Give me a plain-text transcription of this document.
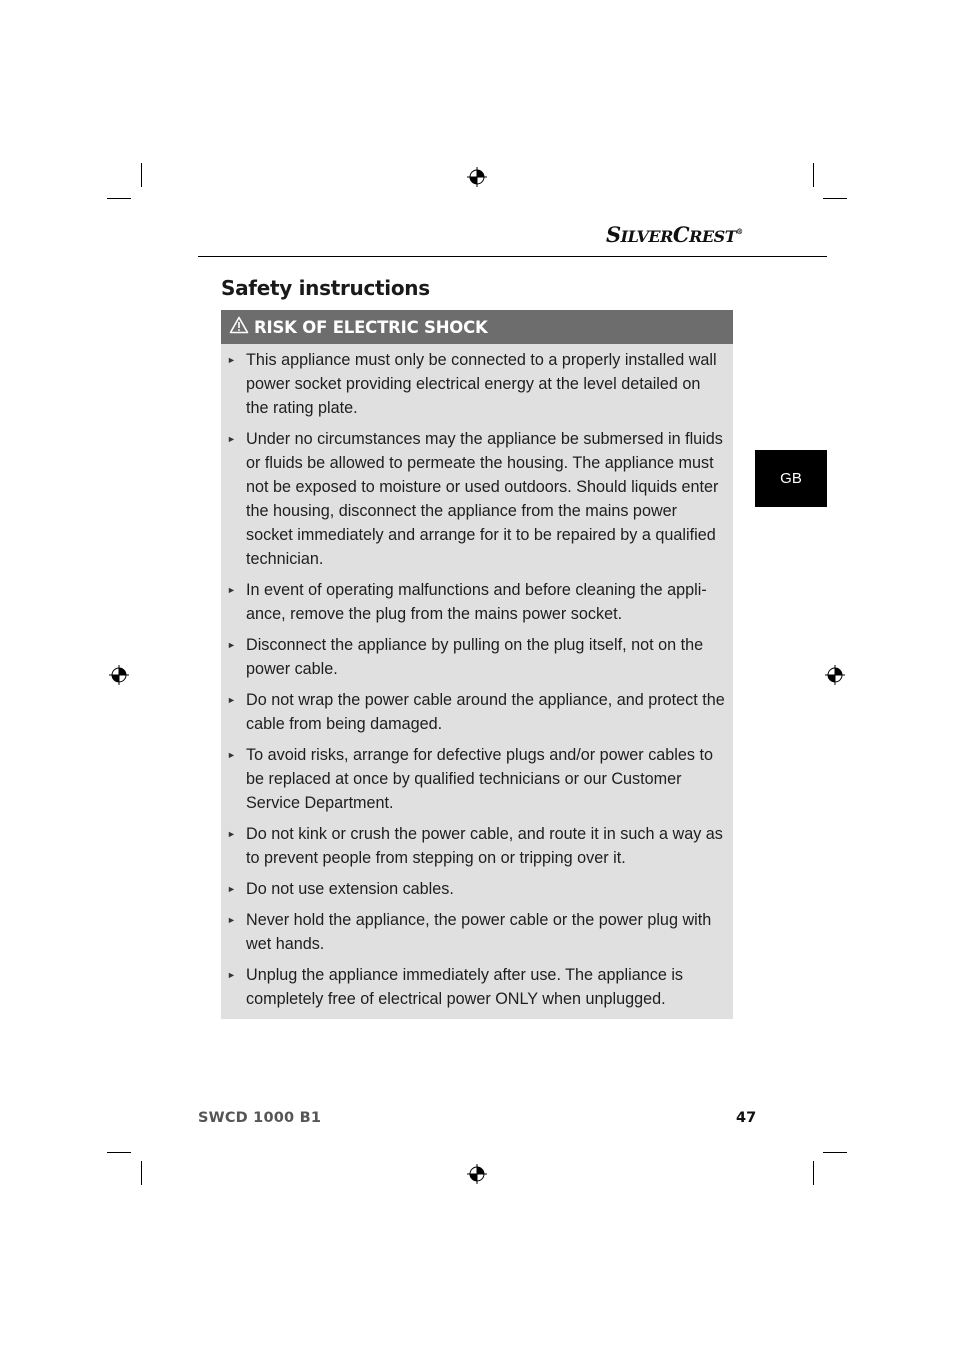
SILVERCREST®
Safety instructions
RISK OF ELECTRIC SHOCK
► This appliance must only be connected to a properly installed wall power socket providing electrical energy at the level detailed on the rating plate.
► Under no circumstances may the appliance be submersed in fluids or fluids be allowed to permeate the housing. The appliance must not be exposed to moisture or used outdoors. Should liquids enter the housing, disconnect the appliance from the mains power socket immediately and arrange for it to be repaired by a qualified technician.
► In event of operating malfunctions and before cleaning the appli-ance, remove the plug from the mains power socket.
► Disconnect the appliance by pulling on the plug itself, not on the power cable.
► Do not wrap the power cable around the appliance, and protect the cable from being damaged.
► To avoid risks, arrange for defective plugs and/or power cables to be replaced at once by qualified technicians or our Customer Service Department.
► Do not kink or crush the power cable, and route it in such a way as to prevent people from stepping on or tripping over it.
► Do not use extension cables.
► Never hold the appliance, the power cable or the power plug with wet hands.
► Unplug the appliance immediately after use. The appliance is completely free of electrical power ONLY when unplugged.
GB
SWCD 1000 B1	47
